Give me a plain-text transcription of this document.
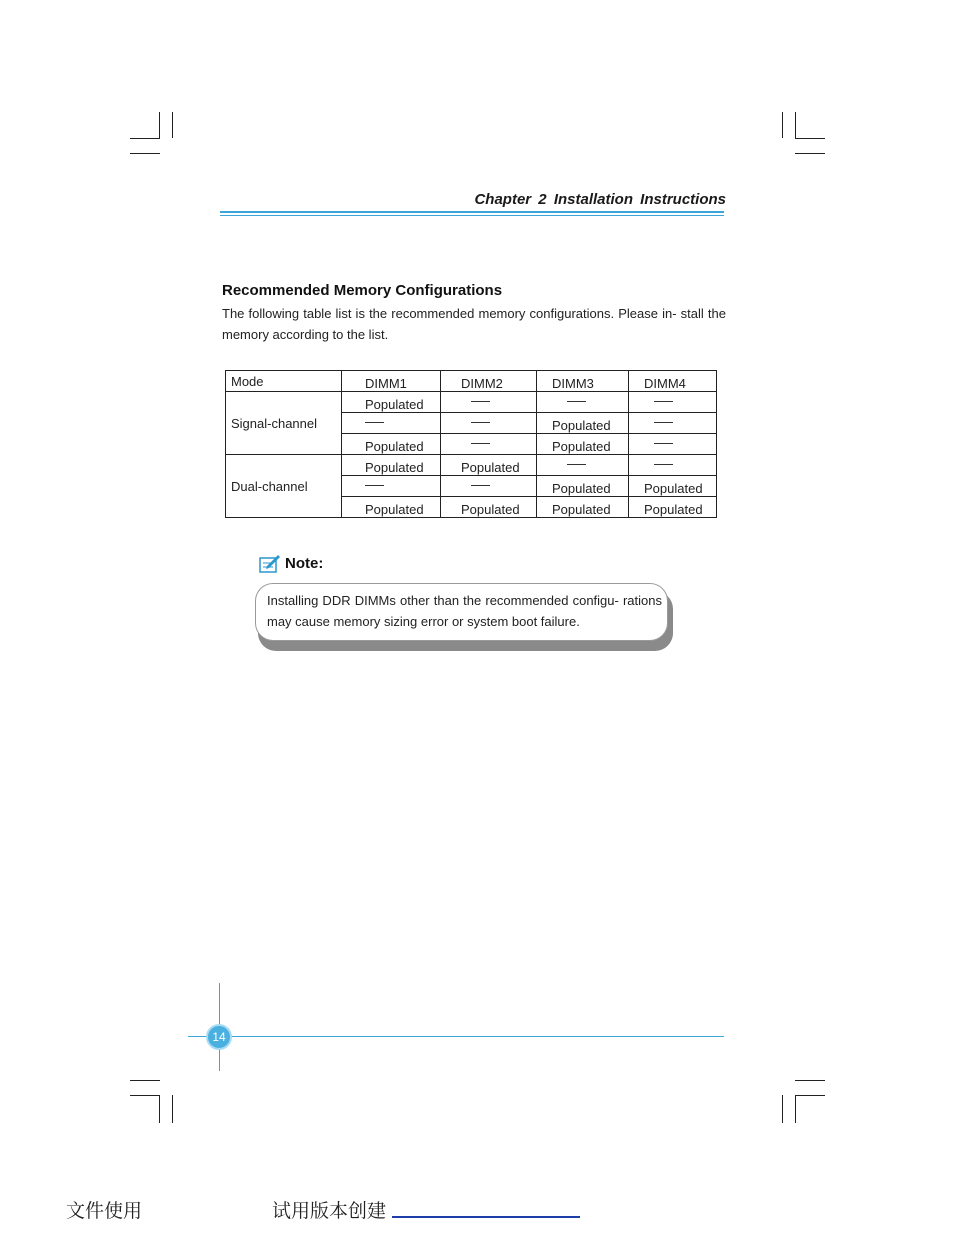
Chapter 2 Installation Instructions
Recommended Memory Configurations
The following table list is the recommended memory configurations. Please in- stall the memory according to the list.
Mode	DIMM1	DIMM2	DIMM3	DIMM4
Signal-channel	Populated			
			Populated	
	Populated		Populated	
Dual-channel	Populated	Populated		
			Populated	Populated
	Populated	Populated	Populated	Populated
Note:
Installing DDR DIMMs other than the recommended configu- rations may cause memory sizing error or system boot failure.
14
文件使用	试用版本创建
